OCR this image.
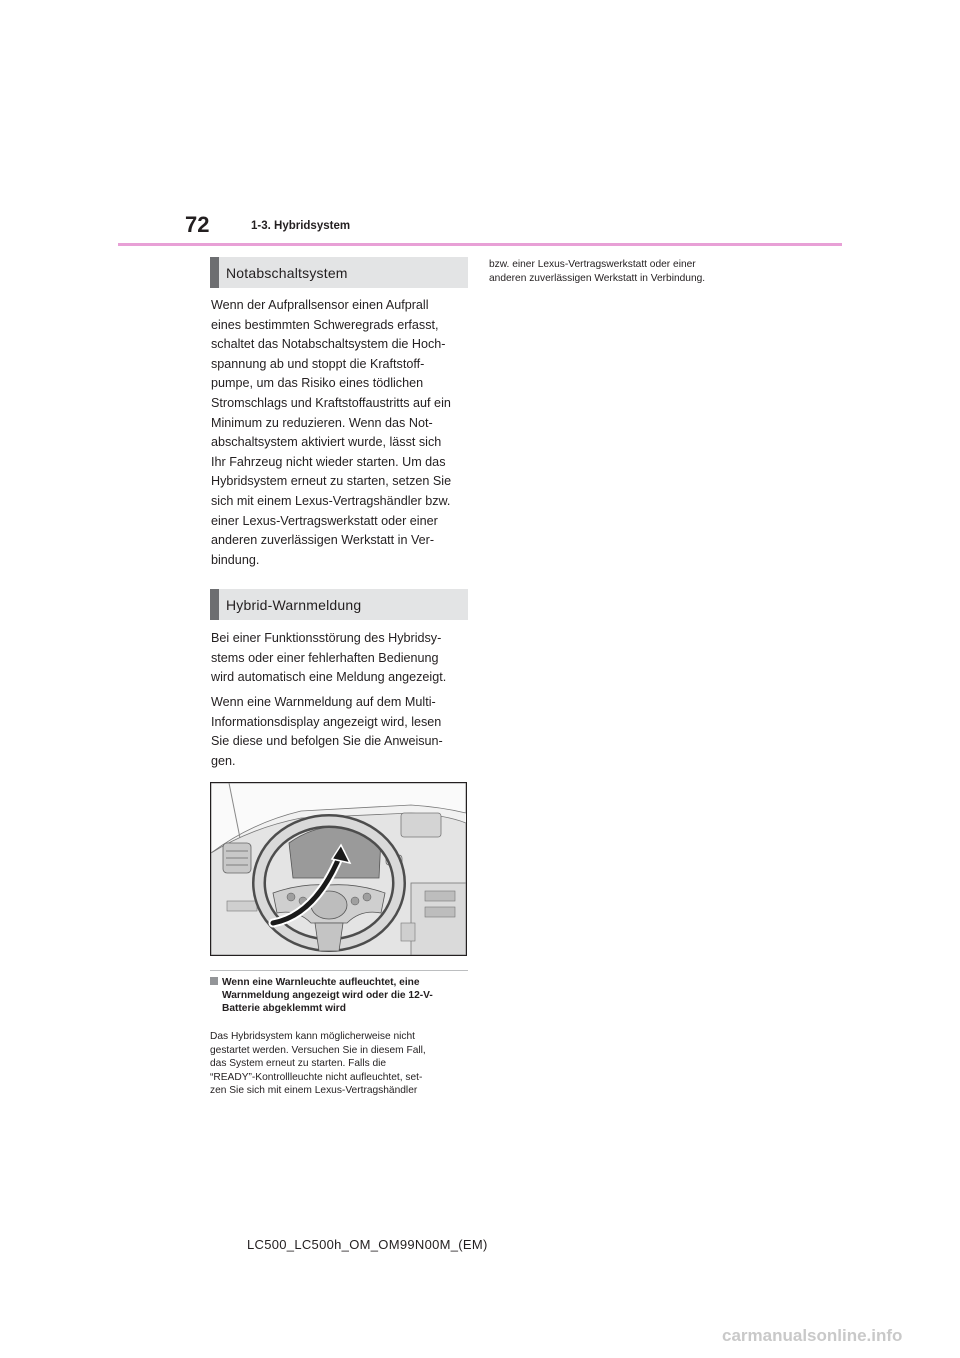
72	1-3. Hybridsystem
Notabschaltsystem
Wenn der Aufprallsensor einen Aufprall
eines bestimmten Schweregrads erfasst,
schaltet das Notabschaltsystem die Hoch-
spannung ab und stoppt die Kraftstoff-
pumpe, um das Risiko eines tödlichen
Stromschlags und Kraftstoffaustritts auf ein
Minimum zu reduzieren. Wenn das Not-
abschaltsystem aktiviert wurde, lässt sich
Ihr Fahrzeug nicht wieder starten. Um das
Hybridsystem erneut zu starten, setzen Sie
sich mit einem Lexus-Vertragshändler bzw.
einer Lexus-Vertragswerkstatt oder einer
anderen zuverlässigen Werkstatt in Ver-
bindung.
Hybrid-Warnmeldung
Bei einer Funktionsstörung des Hybridsy-
stems oder einer fehlerhaften Bedienung
wird automatisch eine Meldung angezeigt.
Wenn eine Warnmeldung auf dem Multi-
Informationsdisplay angezeigt wird, lesen
Sie diese und befolgen Sie die Anweisun-
gen.
Wenn eine Warnleuchte aufleuchtet, eine
Warnmeldung angezeigt wird oder die 12-V-
Batterie abgeklemmt wird
Das Hybridsystem kann möglicherweise nicht
gestartet werden. Versuchen Sie in diesem Fall,
das System erneut zu starten. Falls die
“READY”-Kontrollleuchte nicht aufleuchtet, set-
zen Sie sich mit einem Lexus-Vertragshändler
bzw. einer Lexus-Vertragswerkstatt oder einer
anderen zuverlässigen Werkstatt in Verbindung.
LC500_LC500h_OM_OM99N00M_(EM)
carmanualsonline.info
